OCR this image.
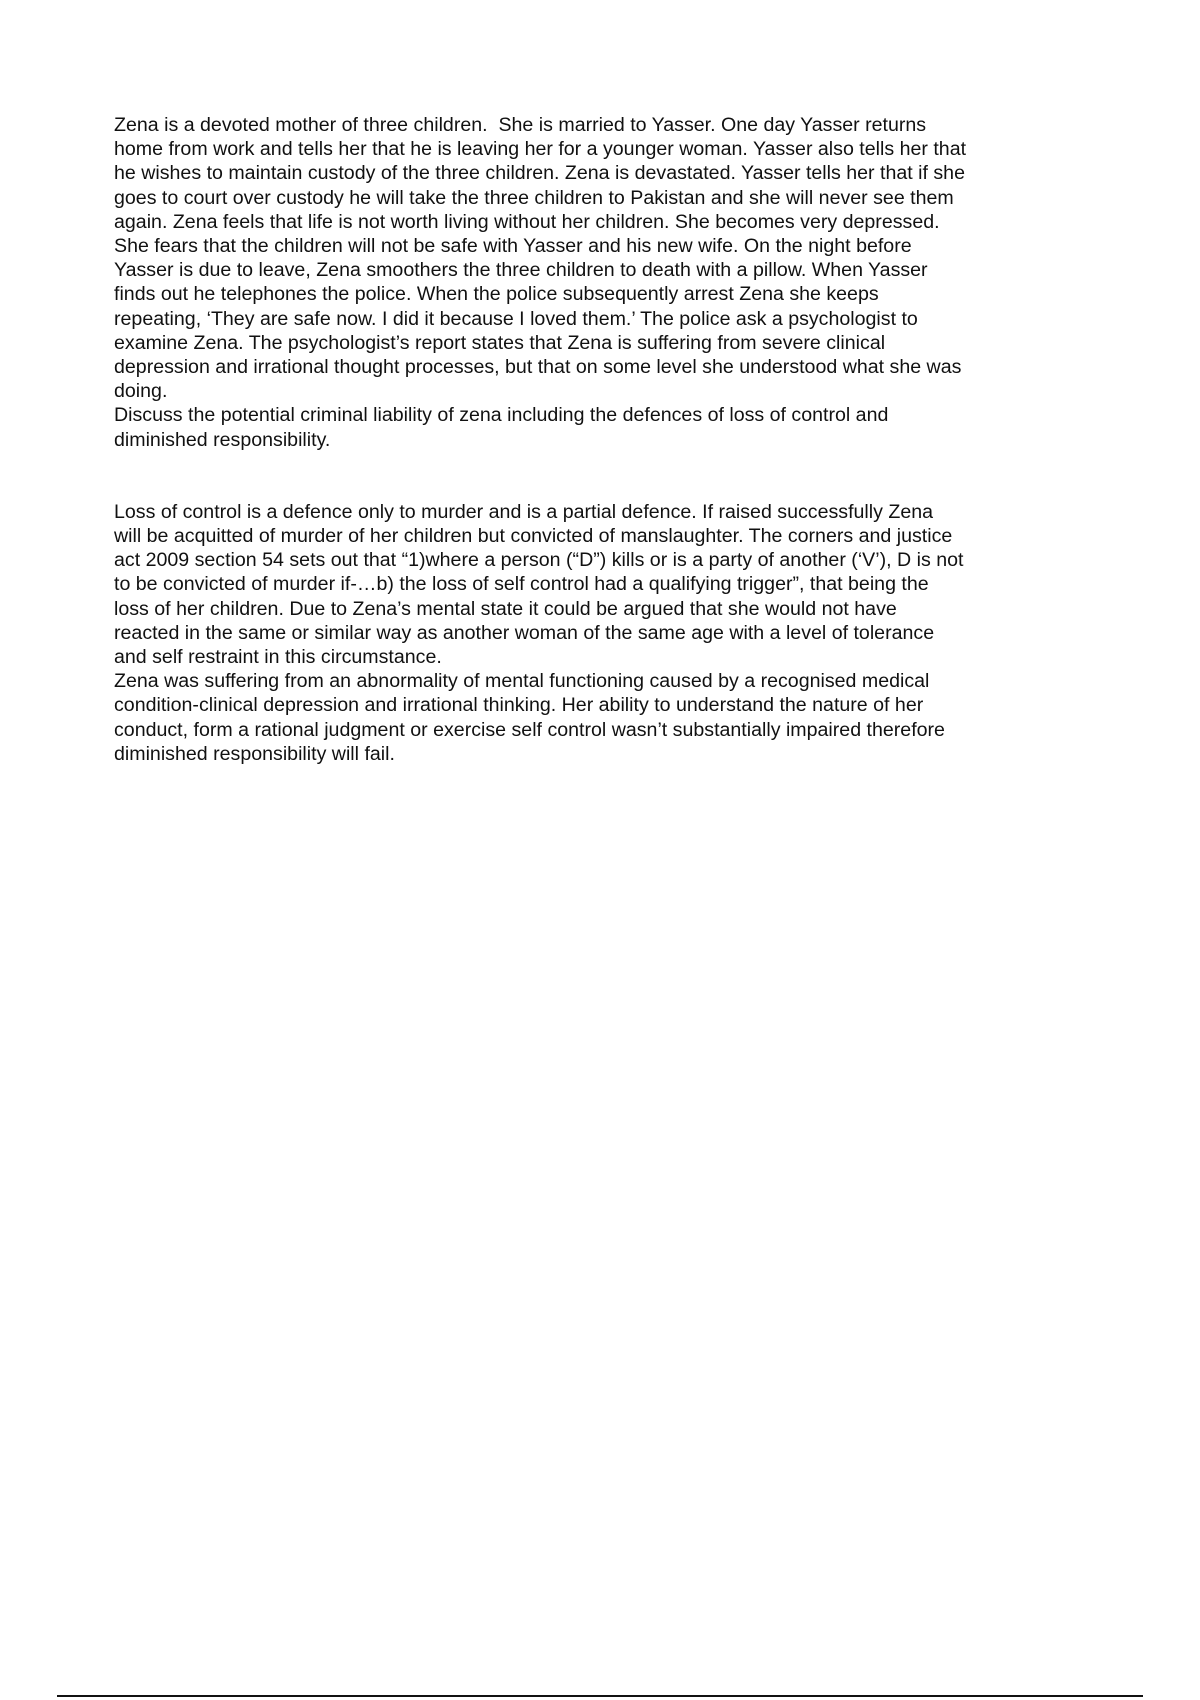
Zena is a devoted mother of three children.  She is married to Yasser. One day Yasser returns
home from work and tells her that he is leaving her for a younger woman. Yasser also tells her that
he wishes to maintain custody of the three children. Zena is devastated. Yasser tells her that if she
goes to court over custody he will take the three children to Pakistan and she will never see them
again. Zena feels that life is not worth living without her children. She becomes very depressed.
She fears that the children will not be safe with Yasser and his new wife. On the night before
Yasser is due to leave, Zena smoothers the three children to death with a pillow. When Yasser
finds out he telephones the police. When the police subsequently arrest Zena she keeps
repeating, ‘They are safe now. I did it because I loved them.’ The police ask a psychologist to
examine Zena. The psychologist’s report states that Zena is suffering from severe clinical
depression and irrational thought processes, but that on some level she understood what she was
doing.
Discuss the potential criminal liability of zena including the defences of loss of control and
diminished responsibility.
Loss of control is a defence only to murder and is a partial defence. If raised successfully Zena
will be acquitted of murder of her children but convicted of manslaughter. The corners and justice
act 2009 section 54 sets out that “1)where a person (“D”) kills or is a party of another (‘V’), D is not
to be convicted of murder if-…b) the loss of self control had a qualifying trigger”, that being the
loss of her children. Due to Zena’s mental state it could be argued that she would not have
reacted in the same or similar way as another woman of the same age with a level of tolerance
and self restraint in this circumstance.
Zena was suffering from an abnormality of mental functioning caused by a recognised medical
condition-clinical depression and irrational thinking. Her ability to understand the nature of her
conduct, form a rational judgment or exercise self control wasn’t substantially impaired therefore
diminished responsibility will fail.
